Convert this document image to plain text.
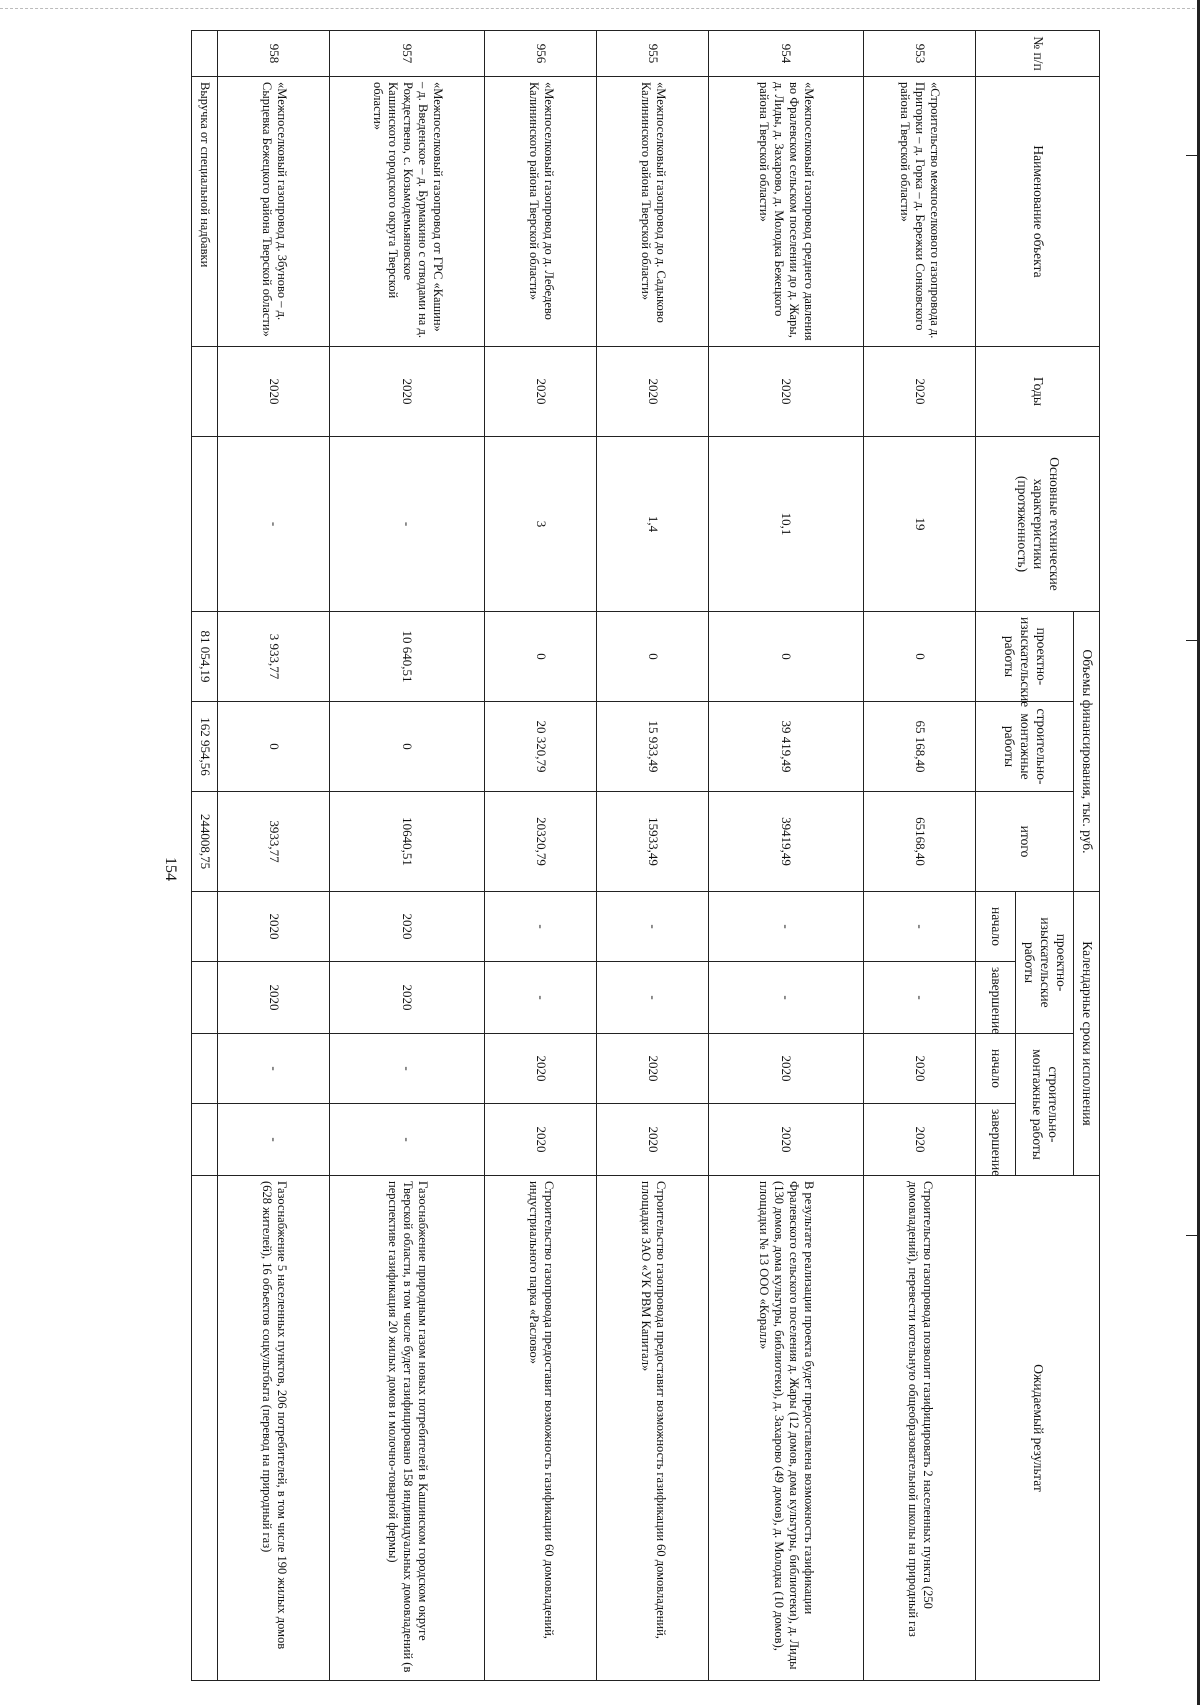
154
№ п/п	Наименование объекта	Годы	Основные технические характеристики (протяженность)	Объемы финансирования, тыс. руб.			Календарные сроки исполнения				Ожидаемый результат
				проектно-изыскательские работы	строительно-монтажные работы	итого	проектно-изыскательские работы		строительно-монтажные работы		
							начало	завершение	начало	завершение	
953	«Строительство межпоселкового газопровода д. Пригорки – д. Горка – д. Бережки Сонковского района Тверской области»	2020	19	0	65 168,40	65168,40	-	-	2020	2020	Строительство газопровода позволит газифицировать 2 населенных пункта (250 домовладений), перевести котельную общеобразовательной школы на природный газ
954	«Межпоселковый газопровод среднего давления во Фралевском сельском поселении до д. Жары, д. Лиды, д. Захарово, д. Молодка Бежецкого района Тверской области»	2020	10,1	0	39 419,49	39419,49	-	-	2020	2020	В результате реализации проекта будет предоставлена возможность газификации Фралевского сельского поселения д. Жары (12 домов, дома культуры, библиотеки), д. Лиды (130 домов, дома культуры, библиотеки), д. Захарово (49 домов), д. Молодка (10 домов), площадки № 13 ООО «Коралл»
955	«Межпоселковый газопровод до д. Садыково Калининского района Тверской области»	2020	1,4	0	15 933,49	15933,49	-	-	2020	2020	Строительство газопровода предоставит возможность газификации 60 домовладений, площадки ЗАО «УК РВМ Капитал»
956	«Межпоселковый газопровод до д. Лебедево Калининского района Тверской области»	2020	3	0	20 320,79	20320,79	-	-	2020	2020	Строительство газопровода предоставит возможность газификации 60 домовладений, индустриального парка «Раслово»
957	«Межпоселковый газопровод от ГРС «Кашин» – д. Введенское – д. Бурмакино с отводами на д. Рождествено, с. Козьмодемьяновское Кашинского городского округа Тверской области»	2020	-	10 640,51	0	10640,51	2020	2020	-	-	Газоснабжение природным газом новых потребителей в Кашинском городском округе Тверской области, в том числе будет газифицировано 158 индивидуальных домовладений (в перспективе газификация 20 жилых домов и молочно-товарной фермы)
958	«Межпоселковый газопровод д. Збуново – д. Сырцевка Бежецкого района Тверской области»	2020	-	3 933,77	0	3933,77	2020	2020	-	-	Газоснабжение 5 населенных пунктов, 206 потребителей, в том числе 190 жилых домов (628 жителей), 16 объектов соцкультбыта (перевод на природный газ)
	Выручка от специальной надбавки			81 054,19	162 954,56	244008,75					
